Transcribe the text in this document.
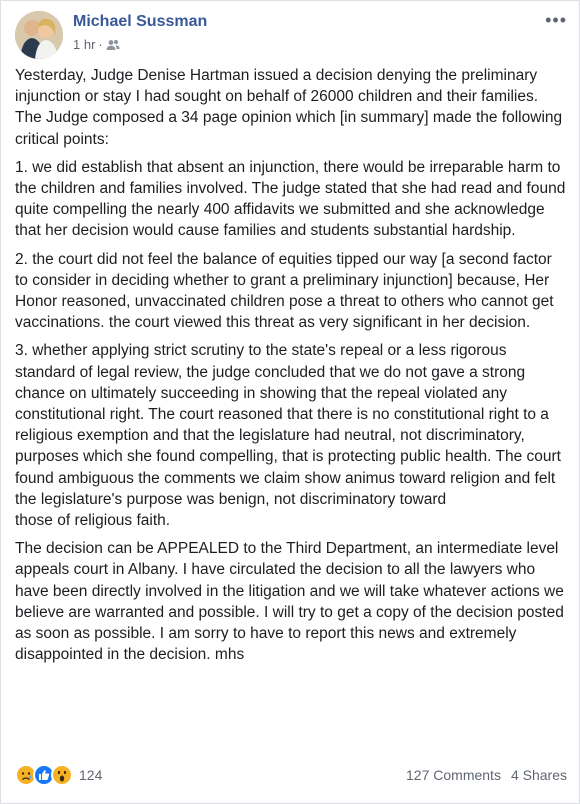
Michael Sussman
1 hr ·
•••

Yesterday, Judge Denise Hartman issued a decision denying the preliminary injunction or stay I had sought on behalf of 26000 children and their families. The Judge composed a 34 page opinion which [in summary] made the following critical points:

1. we did establish that absent an injunction, there would be irreparable harm to the children and families involved. The judge stated that she had read and found quite compelling the nearly 400 affidavits we submitted and she acknowledge that her decision would cause families and students substantial hardship.

2. the court did not feel the balance of equities tipped our way [a second factor to consider in deciding whether to grant a preliminary injunction] because, Her Honor reasoned, unvaccinated children pose a threat to others who cannot get vaccinations. the court viewed this threat as very significant in her decision.

3. whether applying strict scrutiny to the state's repeal or a less rigorous standard of legal review, the judge concluded that we do not gave a strong chance on ultimately succeeding in showing that the repeal violated any constitutional right. The court reasoned that there is no constitutional right to a religious exemption and that the legislature had neutral, not discriminatory, purposes which she found compelling, that is protecting public health. The court found ambiguous the comments we claim show animus toward religion and felt the legislature's purpose was benign, not discriminatory toward
those of religious faith.

The decision can be APPEALED to the Third Department, an intermediate level appeals court in Albany. I have circulated the decision to all the lawyers who have been directly involved in the litigation and we will take whatever actions we believe are warranted and possible. I will try to get a copy of the decision posted as soon as possible. I am sorry to have to report this news and extremely disappointed in the decision. mhs

124	127 Comments 4 Shares
